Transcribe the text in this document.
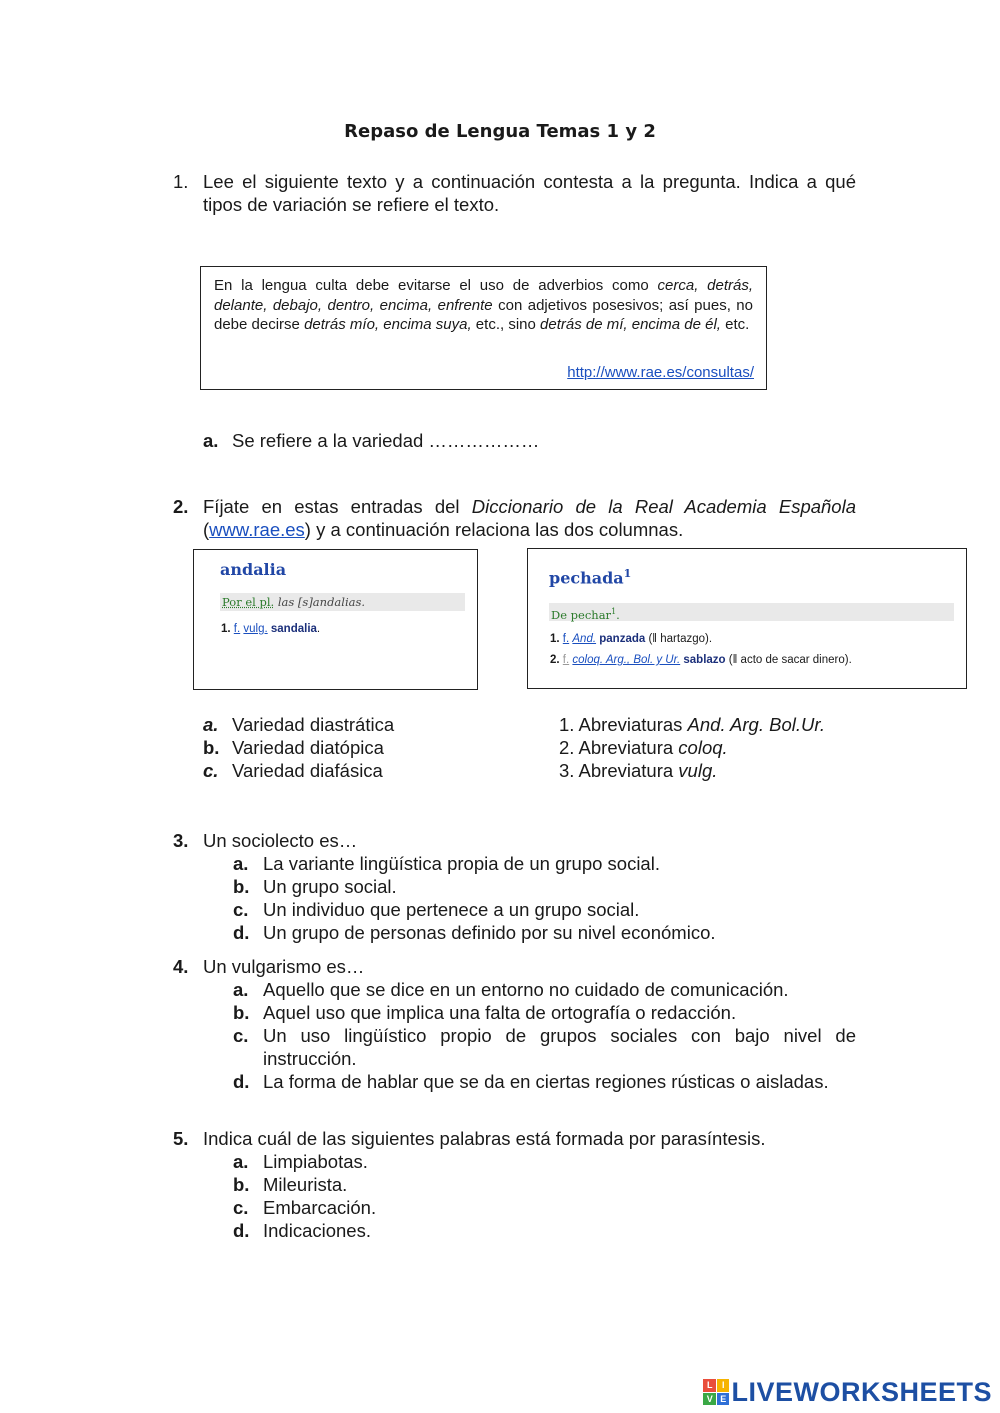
Repaso de Lengua Temas 1 y 2
1. Lee el siguiente texto y a continuación contesta a la pregunta. Indica a qué tipos de variación se refiere el texto.
En la lengua culta debe evitarse el uso de adverbios como cerca, detrás, delante, debajo, dentro, encima, enfrente con adjetivos posesivos; así pues, no debe decirse detrás mío, encima suya, etc., sino detrás de mí, encima de él, etc.
http://www.rae.es/consultas/
a. Se refiere a la variedad ………………
2. Fíjate en estas entradas del Diccionario de la Real Academia Española (www.rae.es) y a continuación relaciona las dos columnas.
andalia
Por el pl. las [s]andalias.
1. f. vulg. sandalia.
pechada$^1$
De pechar$^1$.
1. f. And. panzada (‖ hartazgo).
2. f. coloq. Arg., Bol. y Ur. sablazo (‖ acto de sacar dinero).
a. Variedad diastrática
b. Variedad diatópica
c. Variedad diafásica
1. Abreviaturas And. Arg. Bol.Ur.
2. Abreviatura coloq.
3. Abreviatura vulg.
3. Un sociolecto es…
a. La variante lingüística propia de un grupo social.
b. Un grupo social.
c. Un individuo que pertenece a un grupo social.
d. Un grupo de personas definido por su nivel económico.
4. Un vulgarismo es…
a. Aquello que se dice en un entorno no cuidado de comunicación.
b. Aquel uso que implica una falta de ortografía o redacción.
c. Un uso lingüístico propio de grupos sociales con bajo nivel de instrucción.
d. La forma de hablar que se da en ciertas regiones rústicas o aisladas.
5. Indica cuál de las siguientes palabras está formada por parasíntesis.
a. Limpiabotas.
b. Mileurista.
c. Embarcación.
d. Indicaciones.
L	I
V E LIVEWORKSHEETS
